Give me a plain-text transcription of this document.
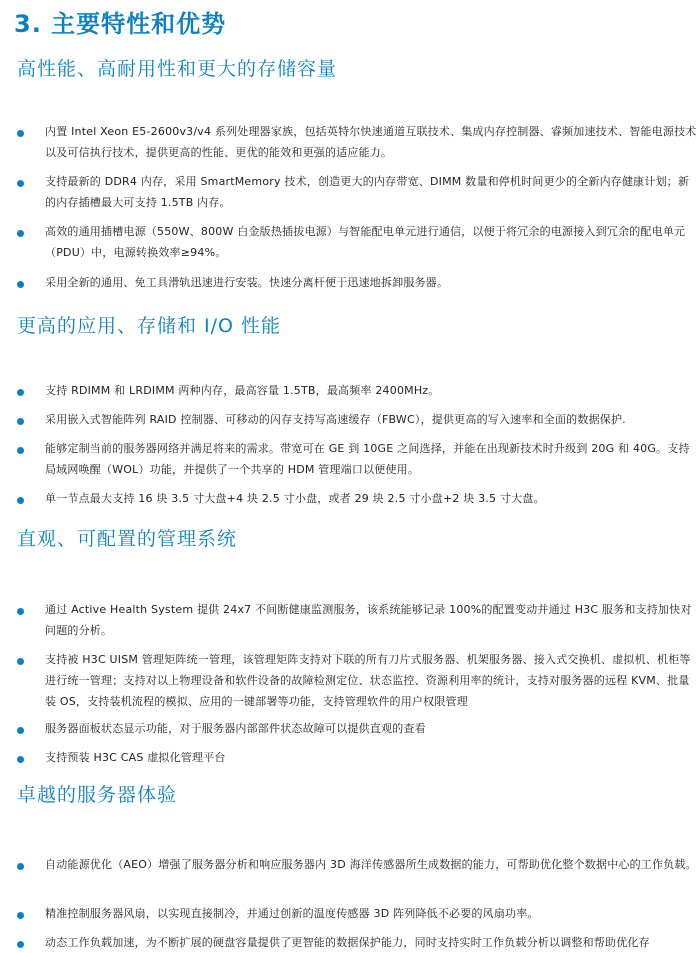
3. 主要特性和优势
高性能、高耐用性和更大的存储容量
内置 Intel Xeon E5-2600v3/v4 系列处理器家族，包括英特尔快速通道互联技术、集成内存控制器、睿频加速技术、智能电源技术以及可信执行技术，提供更高的性能、更优的能效和更强的适应能力。
支持最新的 DDR4 内存，采用 SmartMemory 技术，创造更大的内存带宽、DIMM 数量和停机时间更少的全新内存健康计划；新的内存插槽最大可支持 1.5TB 内存。
高效的通用插槽电源（550W、800W 白金版热插拔电源）与智能配电单元进行通信，以便于将冗余的电源接入到冗余的配电单元（PDU）中，电源转换效率≥94%。
采用全新的通用、免工具滑轨迅速进行安装。快速分离杆便于迅速地拆卸服务器。
更高的应用、存储和 I/O 性能
支持 RDIMM 和 LRDIMM 两种内存，最高容量 1.5TB，最高频率 2400MHz。
采用嵌入式智能阵列 RAID 控制器、可移动的闪存支持写高速缓存（FBWC），提供更高的写入速率和全面的数据保护.
能够定制当前的服务器网络并满足将来的需求。带宽可在 GE 到 10GE 之间选择，并能在出现新技术时升级到 20G 和 40G。支持局域网唤醒（WOL）功能，并提供了一个共享的 HDM 管理端口以便使用。
单一节点最大支持 16 块 3.5 寸大盘+4 块 2.5 寸小盘，或者 29 块 2.5 寸小盘+2 块 3.5 寸大盘。
直观、可配置的管理系统
通过 Active Health System 提供 24x7 不间断健康监测服务，该系统能够记录 100%的配置变动并通过 H3C 服务和支持加快对问题的分析。
支持被 H3C UISM 管理矩阵统一管理，该管理矩阵支持对下联的所有刀片式服务器、机架服务器、接入式交换机、虚拟机、机柜等进行统一管理；支持对以上物理设备和软件设备的故障检测定位、状态监控、资源利用率的统计，支持对服务器的远程 KVM、批量装 OS，支持装机流程的模拟、应用的一键部署等功能，支持管理软件的用户权限管理
服务器面板状态显示功能，对于服务器内部部件状态故障可以提供直观的查看
支持预装 H3C CAS 虚拟化管理平台
卓越的服务器体验
自动能源优化（AEO）增强了服务器分析和响应服务器内 3D 海洋传感器所生成数据的能力，可帮助优化整个数据中心的工作负载。
精准控制服务器风扇，以实现直接制冷，并通过创新的温度传感器 3D 阵列降低不必要的风扇功率。
动态工作负载加速，为不断扩展的硬盘容量提供了更智能的数据保护能力，同时支持实时工作负载分析以调整和帮助优化存
